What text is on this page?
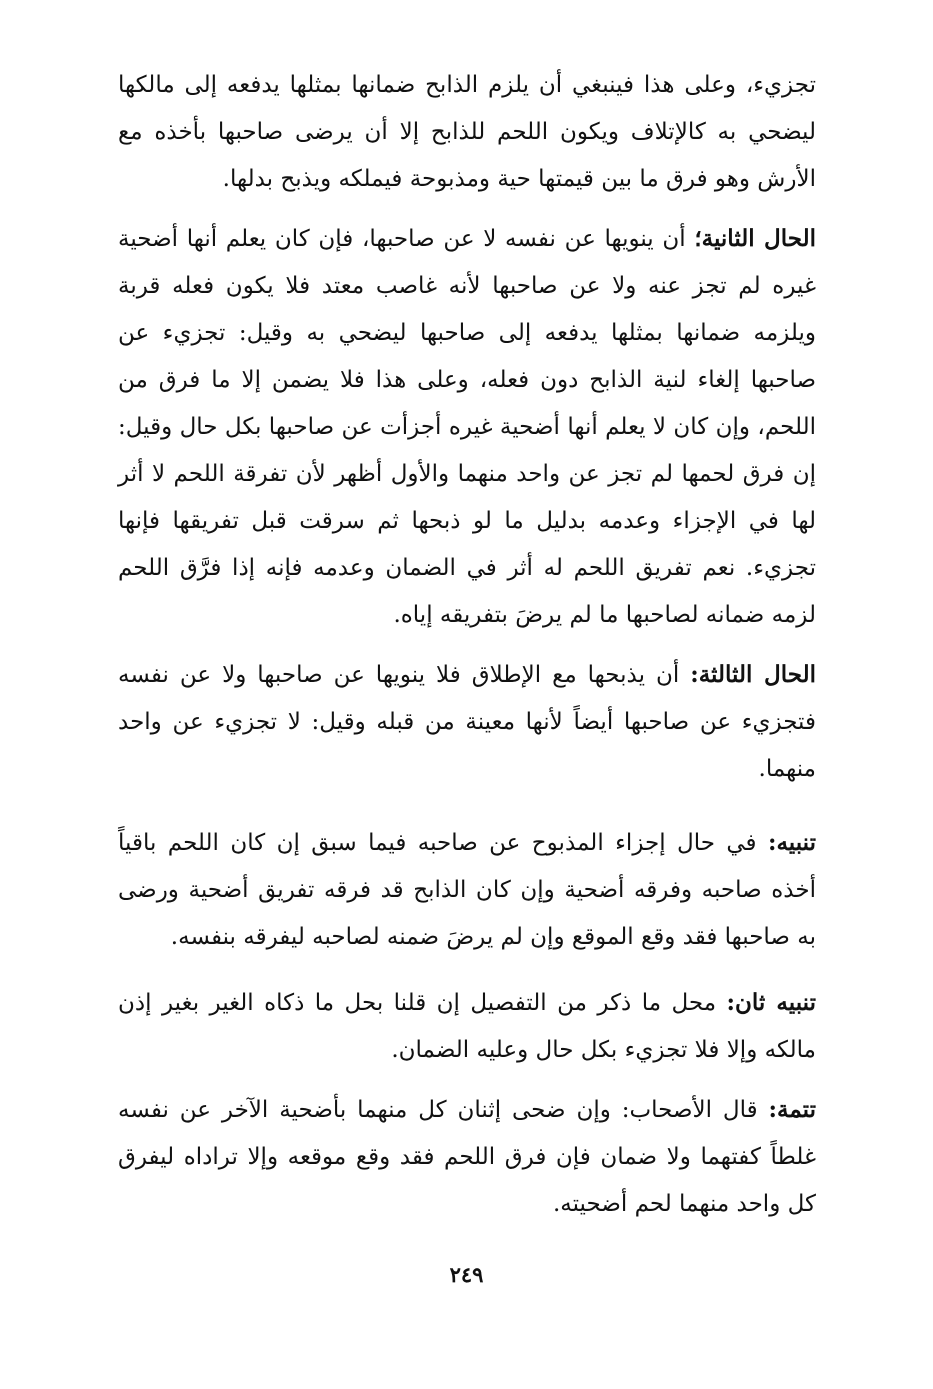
تجزيء، وعلى هذا فينبغي أن يلزم الذابح ضمانها بمثلها يدفعه إلى مالكها ليضحي به كالإتلاف ويكون اللحم للذابح إلا أن يرضى صاحبها بأخذه مع الأرش وهو فرق ما بين قيمتها حية ومذبوحة فيملكه ويذبح بدلها.

الحال الثانية؛ أن ينويها عن نفسه لا عن صاحبها، فإن كان يعلم أنها أضحية غيره لم تجز عنه ولا عن صاحبها لأنه غاصب معتد فلا يكون فعله قربة ويلزمه ضمانها بمثلها يدفعه إلى صاحبها ليضحي به وقيل: تجزيء عن صاحبها إلغاء لنية الذابح دون فعله، وعلى هذا فلا يضمن إلا ما فرق من اللحم، وإن كان لا يعلم أنها أضحية غيره أجزأت عن صاحبها بكل حال وقيل: إن فرق لحمها لم تجز عن واحد منهما والأول أظهر لأن تفرقة اللحم لا أثر لها في الإجزاء وعدمه بدليل ما لو ذبحها ثم سرقت قبل تفريقها فإنها تجزيء. نعم تفريق اللحم له أثر في الضمان وعدمه فإنه إذا فرَّق اللحم لزمه ضمانه لصاحبها ما لم يرضَ بتفريقه إياه.

الحال الثالثة: أن يذبحها مع الإطلاق فلا ينويها عن صاحبها ولا عن نفسه فتجزيء عن صاحبها أيضاً لأنها معينة من قبله وقيل: لا تجزيء عن واحد منهما.

تنبيه: في حال إجزاء المذبوح عن صاحبه فيما سبق إن كان اللحم باقياً أخذه صاحبه وفرقه أضحية وإن كان الذابح قد فرقه تفريق أضحية ورضى به صاحبها فقد وقع الموقع وإن لم يرضَ ضمنه لصاحبه ليفرقه بنفسه.

تنبيه ثان: محل ما ذكر من التفصيل إن قلنا بحل ما ذكاه الغير بغير إذن مالكه وإلا فلا تجزيء بكل حال وعليه الضمان.

تتمة: قال الأصحاب: وإن ضحى إثنان كل منهما بأضحية الآخر عن نفسه غلطاً كفتهما ولا ضمان فإن فرق اللحم فقد وقع موقعه وإلا تراداه ليفرق كل واحد منهما لحم أضحيته.

٢٤٩
